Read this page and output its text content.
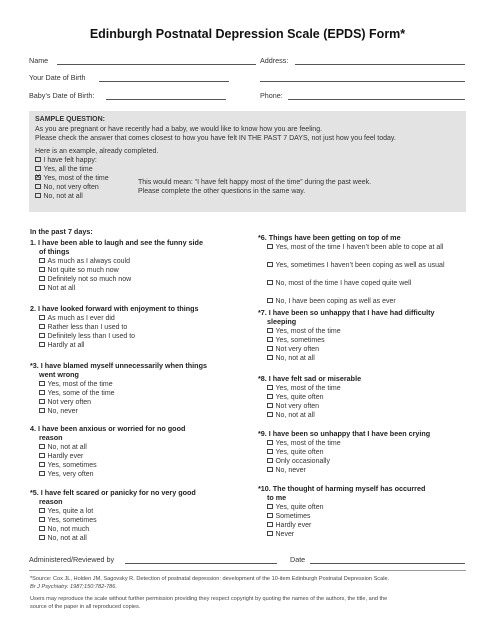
Edinburgh Postnatal Depression Scale (EPDS) Form*
Name	Address:
Your Date of Birth
Baby’s Date of Birth:	Phone:
SAMPLE QUESTION:
As you are pregnant or have recently had a baby, we would like to know how you are feeling.
Please check the answer that comes closest to how you have felt IN THE PAST 7 DAYS, not just how you feel today.
Here is an example, already completed.
I have felt happy:
Yes, all the time
✕Yes, most of the time
No, not very often
No, not at all
This would mean: “I have felt happy most of the time” during the past week.
Please complete the other questions in the same way.
In the past 7 days:
1. I have been able to laugh and see the funny side
of things
As much as I always could
Not quite so much now
Definitely not so much now
Not at all
2. I have looked forward with enjoyment to things
As much as I ever did
Rather less than I used to
Definitely less than I used to
Hardly at all
*3. I have blamed myself unnecessarily when things
went wrong
Yes, most of the time
Yes, some of the time
Not very often
No, never
4. I have been anxious or worried for no good
reason
No, not at all
Hardly ever
Yes, sometimes
Yes, very often
*5. I have felt scared or panicky for no very good
reason
Yes, quite a lot
Yes, sometimes
No, not much
No, not at all
*6. Things have been getting on top of me
Yes, most of the time I haven’t been able to cope at all
Yes, sometimes I haven’t been coping as well as usual
No, most of the time I have coped quite well
No, I have been coping as well as ever
*7. I have been so unhappy that I have had difficulty
sleeping
Yes, most of the time
Yes, sometimes
Not very often
No, not at all
*8. I have felt sad or miserable
Yes, most of the time
Yes, quite often
Not very often
No, not at all
*9. I have been so unhappy that I have been crying
Yes, most of the time
Yes, quite often
Only occasionally
No, never
*10. The thought of harming myself has occurred
to me
Yes, quite often
Sometimes
Hardly ever
Never
Administered/Reviewed by	Date
*Source: Cox JL, Holden JM, Sagovsky R. Detection of postnatal depression: development of the 10-item Edinburgh Postnatal Depression Scale.
Br J Psychiatry. 1987;150:782-786.
Users may reproduce the scale without further permission providing they respect copyright by quoting the names of the authors, the title, and the
source of the paper in all reproduced copies.
